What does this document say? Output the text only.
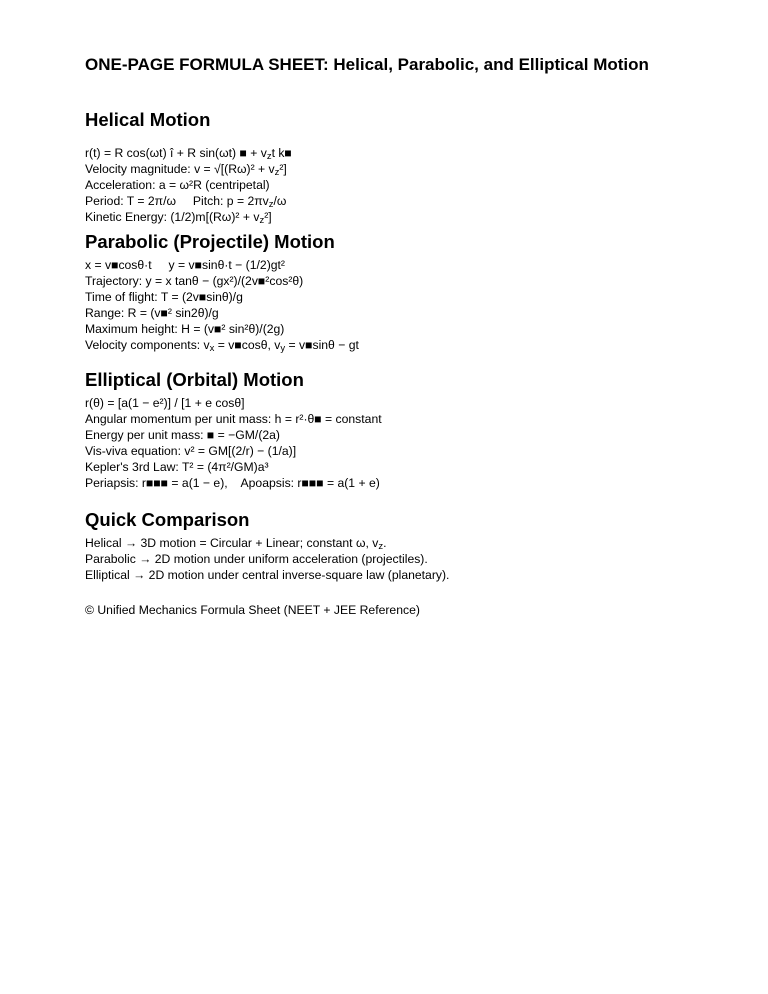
ONE-PAGE FORMULA SHEET: Helical, Parabolic, and Elliptical Motion
Helical Motion
r(t) = R cos(ωt) î + R sin(ωt) ■ + $v_zt$ k■
Velocity magnitude: $v = √[(R\omega)^2 + v_z^2]$
Acceleration: a = ω²R (centripetal)
Period: T = 2π/ω     Pitch: $p = 2\pi v_z/\omega$
Kinetic Energy: $(1/2)m[(R\omega)^2 + v_z^2]$
Parabolic (Projectile) Motion
x = v■cosθ·t     y = v■sinθ·t − (1/2)gt²
Trajectory: y = x tanθ − (gx²)/(2v■²cos²θ)
Time of flight: T = (2v■sinθ)/g
Range: R = (v■² sin2θ)/g
Maximum height: H = (v■² sin²θ)/(2g)
Velocity components: $v_x$ = v■cosθ, $v_y$ = v■sinθ − gt
Elliptical (Orbital) Motion
r(θ) = [a(1 − e²)] / [1 + e cosθ]
Angular momentum per unit mass: h = r²·θ■ = constant
Energy per unit mass: ■ = −GM/(2a)
Vis-viva equation: v² = GM[(2/r) − (1/a)]
Kepler's 3rd Law: T² = (4π²/GM)a³
Periapsis: r■■■ = a(1 − e),    Apoapsis: r■■■ = a(1 + e)
Quick Comparison
Helical → 3D motion = Circular + Linear; constant ω, $v_z$.
Parabolic → 2D motion under uniform acceleration (projectiles).
Elliptical → 2D motion under central inverse-square law (planetary).
© Unified Mechanics Formula Sheet (NEET + JEE Reference)
